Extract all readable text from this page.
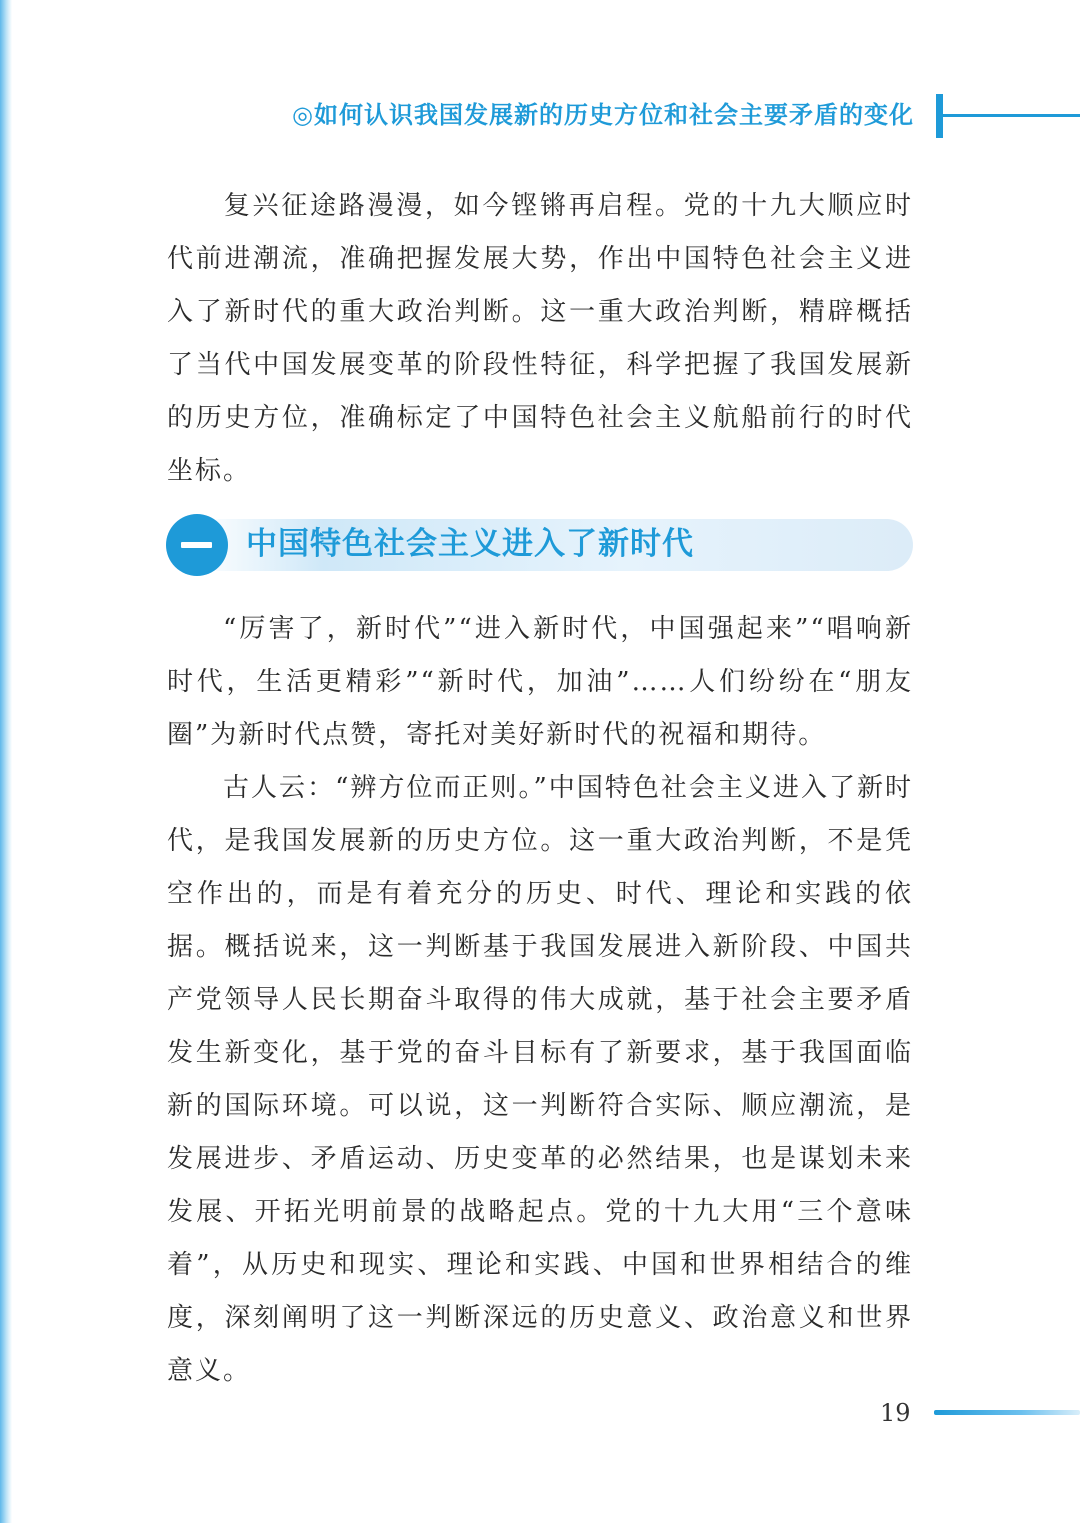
◎如何认识我国发展新的历史方位和社会主要矛盾的变化

复兴征途路漫漫，如今铿锵再启程。党的十九大顺应时代前进潮流，准确把握发展大势，作出中国特色社会主义进入了新时代的重大政治判断。这一重大政治判断，精辟概括了当代中国发展变革的阶段性特征，科学把握了我国发展新的历史方位，准确标定了中国特色社会主义航船前行的时代坐标。

中国特色社会主义进入了新时代

“厉害了，新时代”“进入新时代，中国强起来”“唱响新时代，生活更精彩”“新时代，加油”……人们纷纷在“朋友圈”为新时代点赞，寄托对美好新时代的祝福和期待。

古人云：“辨方位而正则。”中国特色社会主义进入了新时代，是我国发展新的历史方位。这一重大政治判断，不是凭空作出的，而是有着充分的历史、时代、理论和实践的依据。概括说来，这一判断基于我国发展进入新阶段、中国共产党领导人民长期奋斗取得的伟大成就，基于社会主要矛盾发生新变化，基于党的奋斗目标有了新要求，基于我国面临新的国际环境。可以说，这一判断符合实际、顺应潮流，是发展进步、矛盾运动、历史变革的必然结果，也是谋划未来发展、开拓光明前景的战略起点。党的十九大用“三个意味着”，从历史和现实、理论和实践、中国和世界相结合的维度，深刻阐明了这一判断深远的历史意义、政治意义和世界意义。

19
